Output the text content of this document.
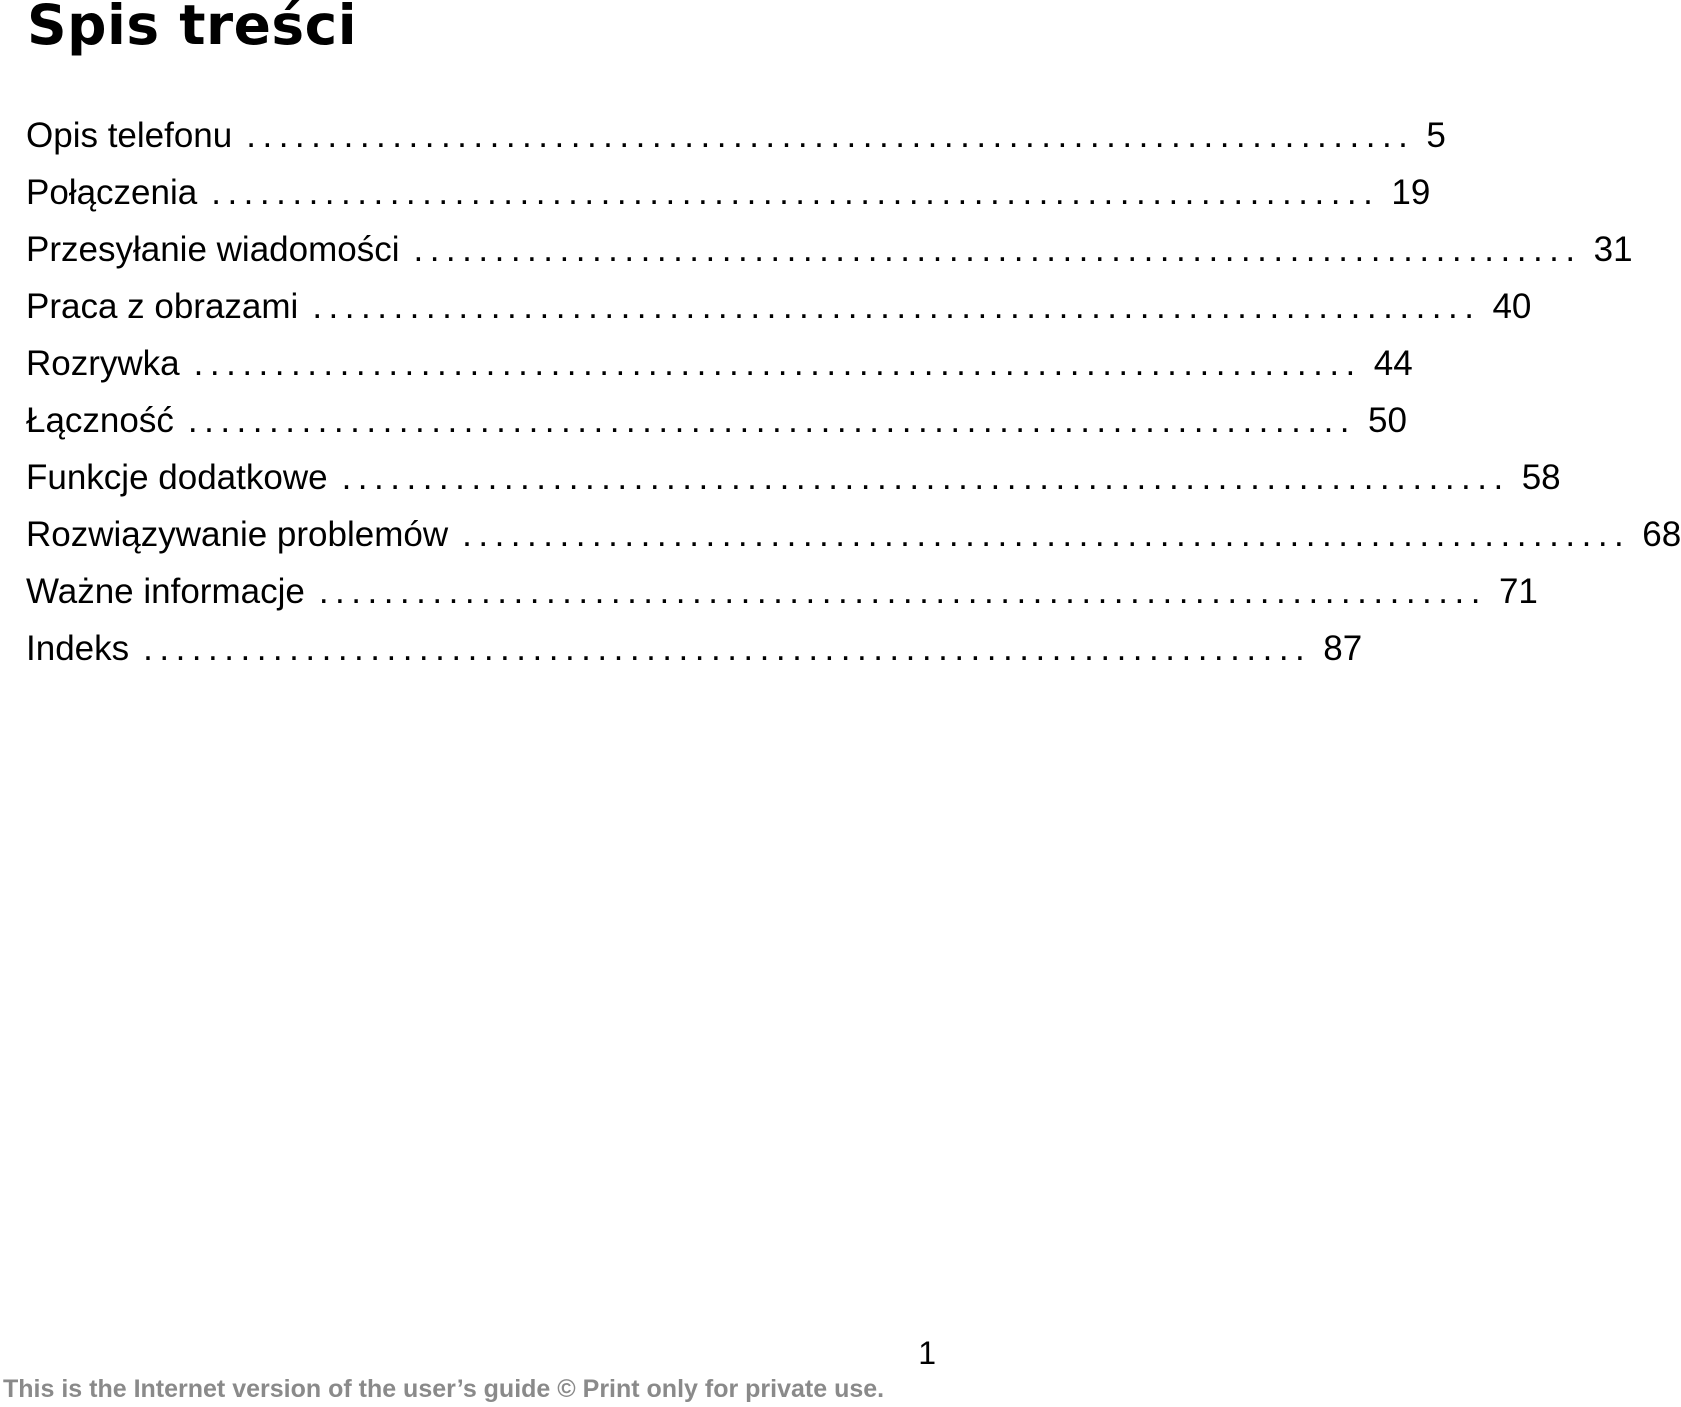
Spis treści
Opis telefonu ........................................................................ 5
Połączenia ........................................................................ 19
Przesyłanie wiadomości ........................................................................ 31
Praca z obrazami ........................................................................ 40
Rozrywka ........................................................................ 44
Łączność ........................................................................ 50
Funkcje dodatkowe ........................................................................ 58
Rozwiązywanie problemów ........................................................................ 68
Ważne informacje ........................................................................ 71
Indeks ........................................................................ 87
1
This is the Internet version of the user’s guide © Print only for private use.
